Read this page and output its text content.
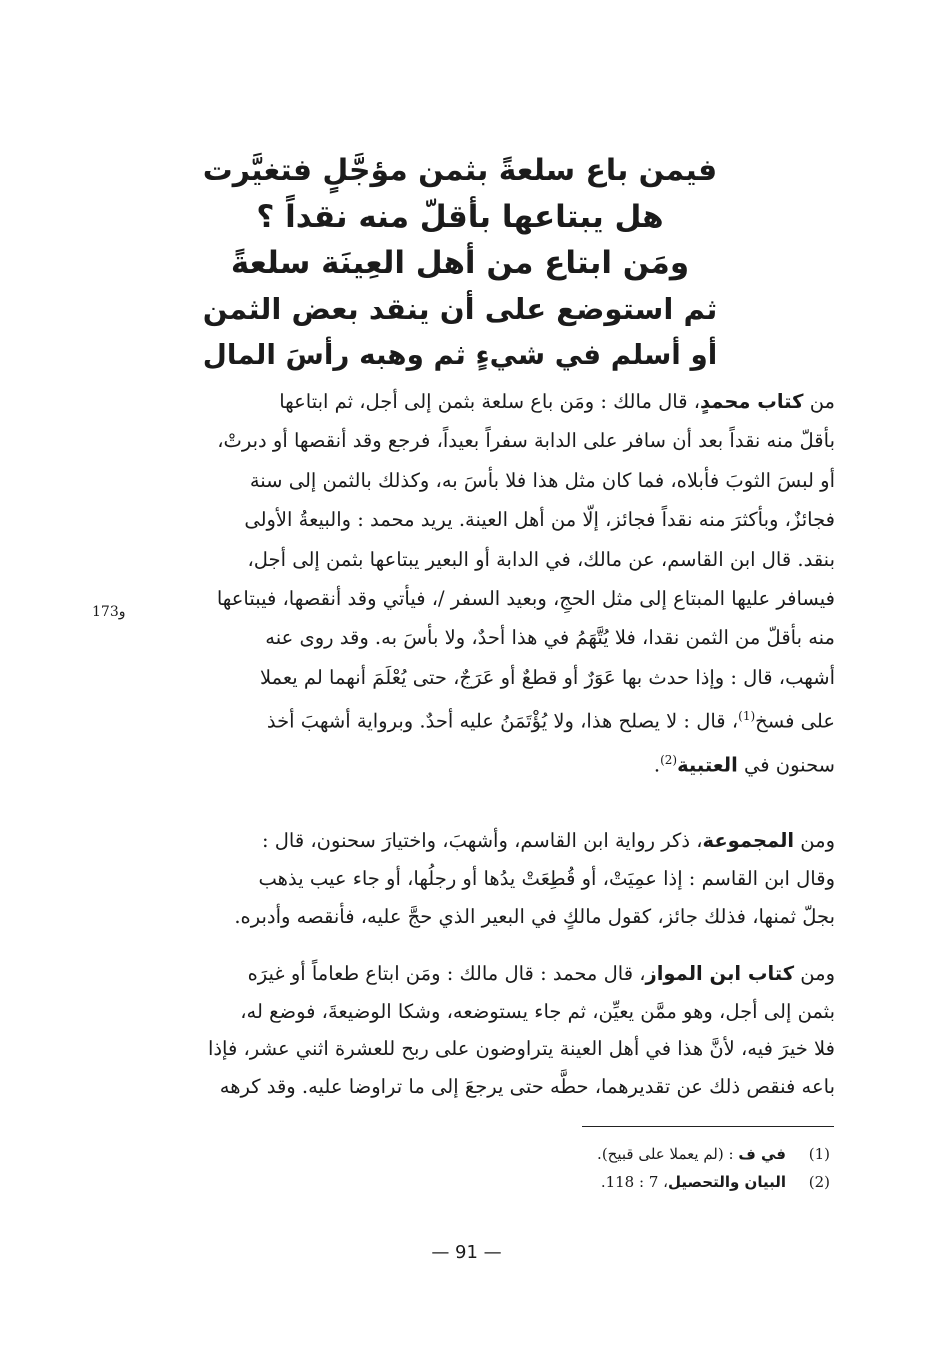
فيمن باع سلعةً بثمن مؤجَّلٍ فتغيَّرت
هل يبتاعها بأقلّ منه نقداً ؟
ومَن ابتاع من أهل العِينَة سلعةً
ثم استوضع على أن ينقد بعض الثمن
أو أسلم في شيءٍ ثم وهبه رأسَ المال
من كتاب محمدٍ، قال مالك : ومَن باع سلعة بثمن إلى أجل، ثم ابتاعها
بأقلّ منه نقداً بعد أن سافر على الدابة سفراً بعيداً، فرجع وقد أنقصها أو دبرتْ،
أو لبسَ الثوبَ فأبلاه، فما كان مثل هذا فلا بأسَ به، وكذلك بالثمن إلى سنة
فجائزٌ، وبأكثرَ منه نقداً فجائز، إلّا من أهل العينة. يريد محمد : والبيعةُ الأولى
بنقد. قال ابن القاسم، عن مالك، في الدابة أو البعير يبتاعها بثمن إلى أجل،
فيسافر عليها المبتاع إلى مثل الحجِ، وبعيد السفر /، فيأتي وقد أنقصها، فيبتاعها
منه بأقلّ من الثمن نقدا، فلا يُتَّهَمُ في هذا أحدٌ، ولا بأسَ به. وقد روى عنه
أشهب، قال : وإذا حدث بها عَوَرٌ أو قطعٌ أو عَرَجٌ، حتى يُعْلَمَ أنهما لم يعملا
على فسخ$^{(1)}$، قال : لا يصلح هذا، ولا يُؤْتَمَنُ عليه أحدٌ. وبرواية أشهبَ أخذ
سحنون في العتبية$^{(2)}$.
173و
ومن المجموعة، ذكر رواية ابن القاسم، وأشهبَ، واختيارَ سحنون، قال :
وقال ابن القاسم : إذا عمِيَتْ، أو قُطِعَتْ يدُها أو رجلُها، أو جاء عيب يذهب
بجلّ ثمنها، فذلك جائز، كقول مالكٍ في البعير الذي حجَّ عليه، فأنقصه وأدبره.
ومن كتاب ابن المواز، قال محمد : قال مالك : ومَن ابتاع طعاماً أو غيرَه
بثمن إلى أجل، وهو ممَّن يعيِّن، ثم جاء يستوضعه، وشكا الوضيعةَ، فوضع له،
فلا خيرَ فيه، لأنَّ هذا في أهل العينة يتراوضون على ربح للعشرة اثني عشر، فإذا
باعه فنقص ذلك عن تقديرهما، حطَّه حتى يرجعَ إلى ما تراوضا عليه. وقد كرهه
(1)في ف : (لم يعملا على قبيح).
(2)البيان والتحصيل، 7 : 118.
— 91 —
